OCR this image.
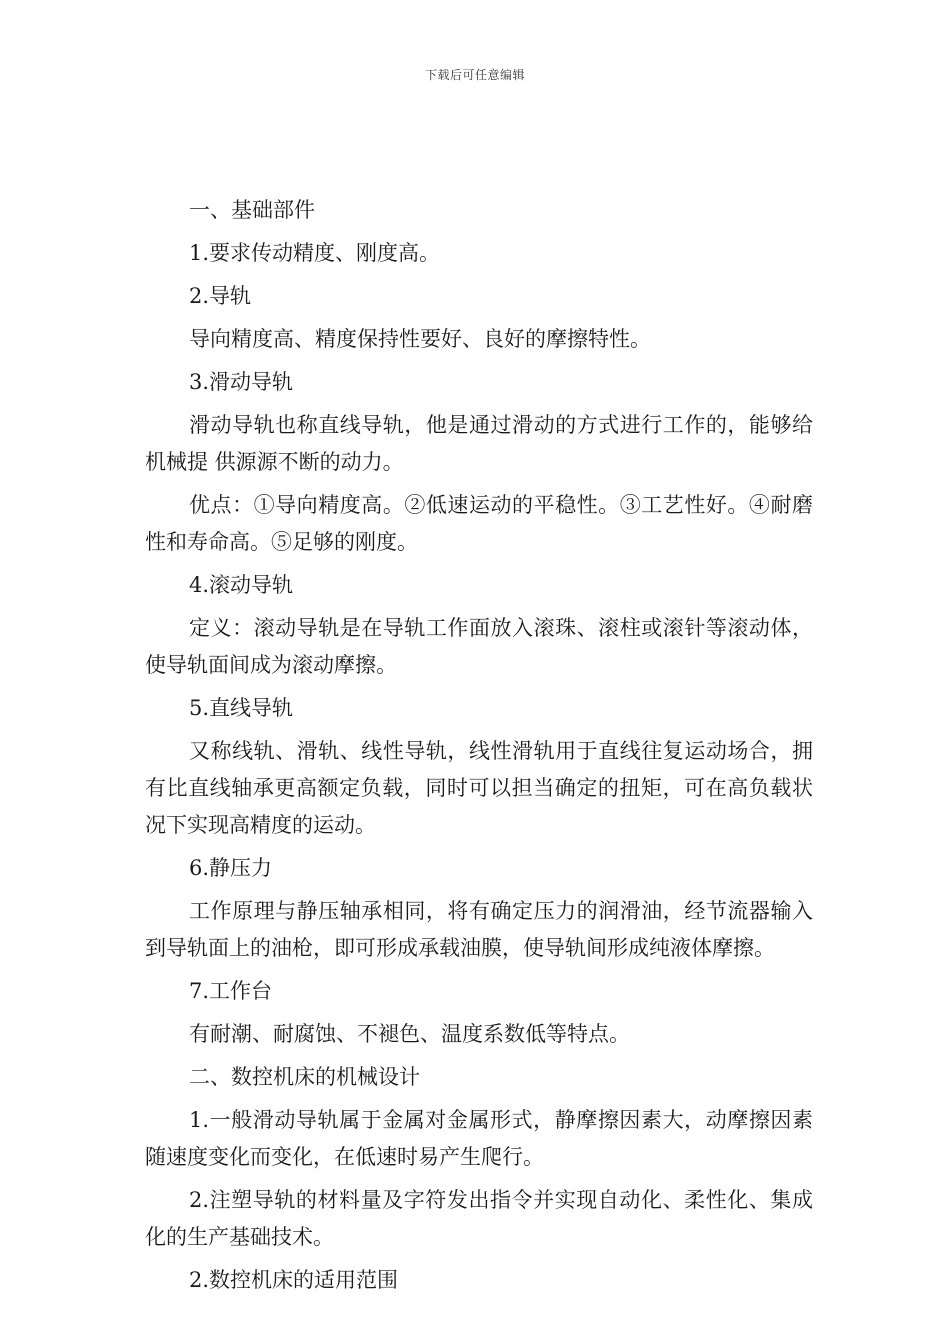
下载后可任意编辑

一、基础部件

1.要求传动精度、刚度高。

2.导轨

导向精度高、精度保持性要好、良好的摩擦特性。

3.滑动导轨

滑动导轨也称直线导轨，他是通过滑动的方式进行工作的，能够给机械提 供源源不断的动力。

优点：①导向精度高。②低速运动的平稳性。③工艺性好。④耐磨性和寿命高。⑤足够的刚度。

4.滚动导轨

定义：滚动导轨是在导轨工作面放入滚珠、滚柱或滚针等滚动体，使导轨面间成为滚动摩擦。

5.直线导轨

又称线轨、滑轨、线性导轨，线性滑轨用于直线往复运动场合，拥有比直线轴承更高额定负载，同时可以担当确定的扭矩，可在高负载状况下实现高精度的运动。

6.静压力

工作原理与静压轴承相同，将有确定压力的润滑油，经节流器输入到导轨面上的油枪，即可形成承载油膜，使导轨间形成纯液体摩擦。

7.工作台

有耐潮、耐腐蚀、不褪色、温度系数低等特点。

二、数控机床的机械设计

1.一般滑动导轨属于金属对金属形式，静摩擦因素大，动摩擦因素随速度变化而变化，在低速时易产生爬行。

2.注塑导轨的材料量及字符发出指令并实现自动化、柔性化、集成化的生产基础技术。

2.数控机床的适用范围
